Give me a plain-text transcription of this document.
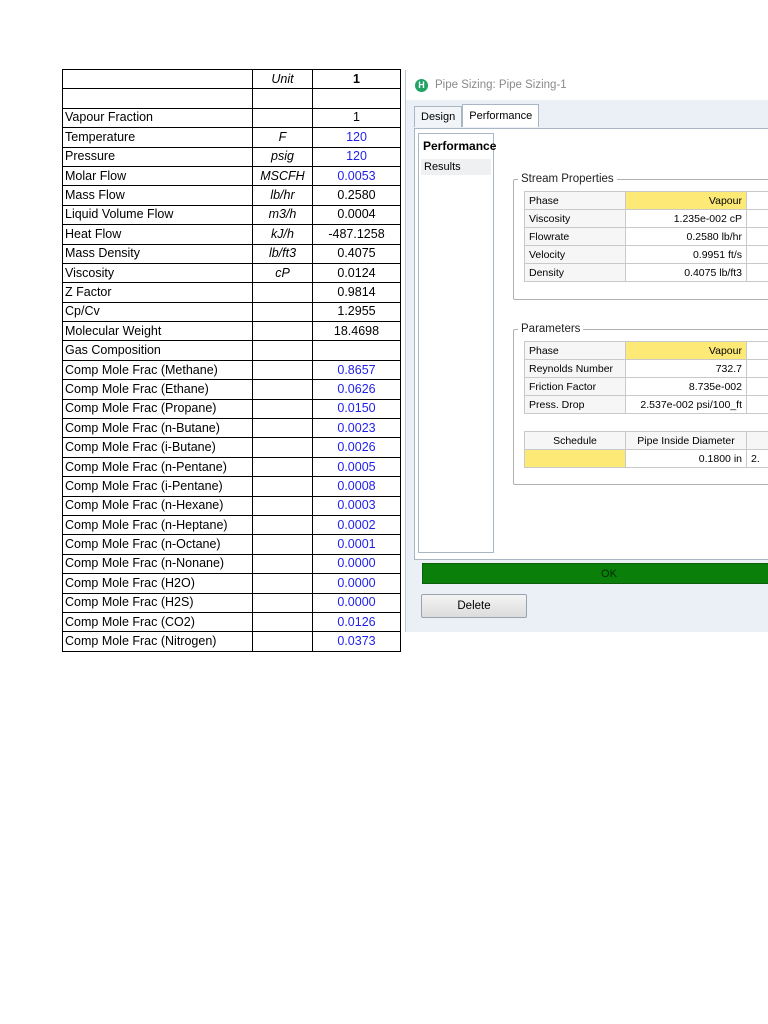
	Unit	1

Vapour Fraction		1
Temperature	F	120
Pressure	psig	120
Molar Flow	MSCFH	0.0053
Mass Flow	lb/hr	0.2580
Liquid Volume Flow	m3/h	0.0004
Heat Flow	kJ/h	-487.1258
Mass Density	lb/ft3	0.4075
Viscosity	cP	0.0124
Z Factor		0.9814
Cp/Cv		1.2955
Molecular Weight		18.4698
Gas Composition		
Comp Mole Frac (Methane)		0.8657
Comp Mole Frac (Ethane)		0.0626
Comp Mole Frac (Propane)		0.0150
Comp Mole Frac (n-Butane)		0.0023
Comp Mole Frac (i-Butane)		0.0026
Comp Mole Frac (n-Pentane)		0.0005
Comp Mole Frac (i-Pentane)		0.0008
Comp Mole Frac (n-Hexane)		0.0003
Comp Mole Frac (n-Heptane)		0.0002
Comp Mole Frac (n-Octane)		0.0001
Comp Mole Frac (n-Nonane)		0.0000
Comp Mole Frac (H2O)		0.0000
Comp Mole Frac (H2S)		0.0000
Comp Mole Frac (CO2)		0.0126
Comp Mole Frac (Nitrogen)		0.0373
H Pipe Sizing: Pipe Sizing-1
Design	Performance
Performance
Results
Stream Properties
Phase	Vapour	
Viscosity	1.235e-002 cP	
Flowrate	0.2580 lb/hr	
Velocity	0.9951 ft/s	
Density	0.4075 lb/ft3	
Parameters
Phase	Vapour	
Reynolds Number	732.7	
Friction Factor	8.735e-002	
Press. Drop	2.537e-002 psi/100_ft	
Schedule	Pipe Inside Diameter	
	0.1800 in	2.
OK
Delete
